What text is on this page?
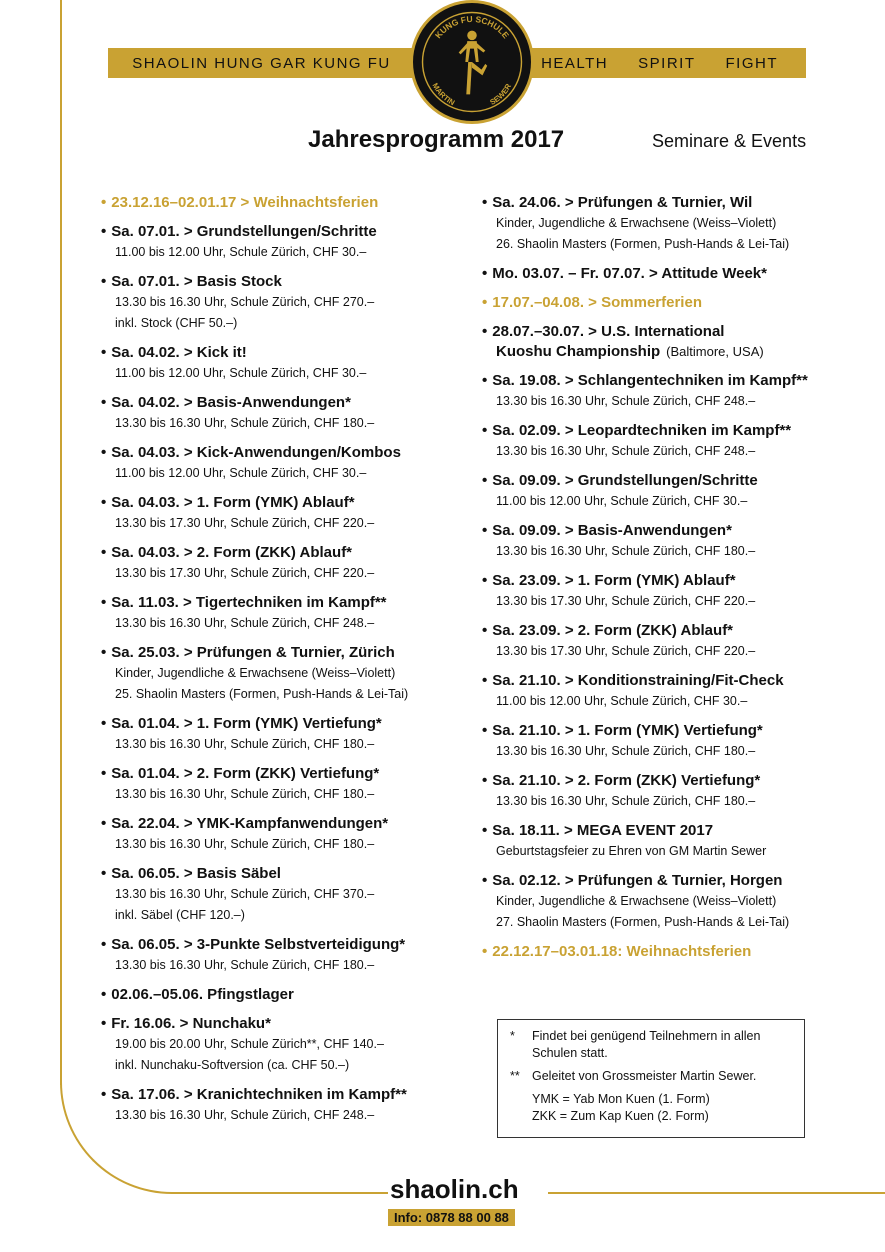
SHAOLIN HUNG GAR KUNG FU	HEALTH SPIRIT FIGHT
KUNG FU SCHULE
MARTIN	SEWER
Jahresprogramm 2017	Seminare & Events
• 23.12.16–02.01.17 > Weihnachtsferien
• Sa. 07.01. > Grundstellungen/Schritte
11.00 bis 12.00 Uhr, Schule Zürich, CHF 30.–
• Sa. 07.01. > Basis Stock
13.30 bis 16.30 Uhr, Schule Zürich, CHF 270.–
inkl. Stock (CHF 50.–)
• Sa. 04.02. > Kick it!
11.00 bis 12.00 Uhr, Schule Zürich, CHF 30.–
• Sa. 04.02. > Basis-Anwendungen*
13.30 bis 16.30 Uhr, Schule Zürich, CHF 180.–
• Sa. 04.03. > Kick-Anwendungen/Kombos
11.00 bis 12.00 Uhr, Schule Zürich, CHF 30.–
• Sa. 04.03. > 1. Form (YMK) Ablauf*
13.30 bis 17.30 Uhr, Schule Zürich, CHF 220.–
• Sa. 04.03. > 2. Form (ZKK) Ablauf*
13.30 bis 17.30 Uhr, Schule Zürich, CHF 220.–
• Sa. 11.03. > Tigertechniken im Kampf**
13.30 bis 16.30 Uhr, Schule Zürich, CHF 248.–
• Sa. 25.03. > Prüfungen & Turnier, Zürich
Kinder, Jugendliche & Erwachsene (Weiss–Violett)
25. Shaolin Masters (Formen, Push-Hands & Lei-Tai)
• Sa. 01.04. > 1. Form (YMK) Vertiefung*
13.30 bis 16.30 Uhr, Schule Zürich, CHF 180.–
• Sa. 01.04. > 2. Form (ZKK) Vertiefung*
13.30 bis 16.30 Uhr, Schule Zürich, CHF 180.–
• Sa. 22.04. > YMK-Kampfanwendungen*
13.30 bis 16.30 Uhr, Schule Zürich, CHF 180.–
• Sa. 06.05. > Basis Säbel
13.30 bis 16.30 Uhr, Schule Zürich, CHF 370.–
inkl. Säbel (CHF 120.–)
• Sa. 06.05. > 3-Punkte Selbstverteidigung*
13.30 bis 16.30 Uhr, Schule Zürich, CHF 180.–
• 02.06.–05.06. Pfingstlager
• Fr. 16.06. > Nunchaku*
19.00 bis 20.00 Uhr, Schule Zürich**, CHF 140.–
inkl. Nunchaku-Softversion (ca. CHF 50.–)
• Sa. 17.06. > Kranichtechniken im Kampf**
13.30 bis 16.30 Uhr, Schule Zürich, CHF 248.–
• Sa. 24.06. > Prüfungen & Turnier, Wil
Kinder, Jugendliche & Erwachsene (Weiss–Violett)
26. Shaolin Masters (Formen, Push-Hands & Lei-Tai)
• Mo. 03.07. – Fr. 07.07. > Attitude Week*
• 17.07.–04.08. > Sommerferien
• 28.07.–30.07. > U.S. International
Kuoshu Championship (Baltimore, USA)
• Sa. 19.08. > Schlangentechniken im Kampf**
13.30 bis 16.30 Uhr, Schule Zürich, CHF 248.–
• Sa. 02.09. > Leopardtechniken im Kampf**
13.30 bis 16.30 Uhr, Schule Zürich, CHF 248.–
• Sa. 09.09. > Grundstellungen/Schritte
11.00 bis 12.00 Uhr, Schule Zürich, CHF 30.–
• Sa. 09.09. > Basis-Anwendungen*
13.30 bis 16.30 Uhr, Schule Zürich, CHF 180.–
• Sa. 23.09. > 1. Form (YMK) Ablauf*
13.30 bis 17.30 Uhr, Schule Zürich, CHF 220.–
• Sa. 23.09. > 2. Form (ZKK) Ablauf*
13.30 bis 17.30 Uhr, Schule Zürich, CHF 220.–
• Sa. 21.10. > Konditionstraining/Fit-Check
11.00 bis 12.00 Uhr, Schule Zürich, CHF 30.–
• Sa. 21.10. > 1. Form (YMK) Vertiefung*
13.30 bis 16.30 Uhr, Schule Zürich, CHF 180.–
• Sa. 21.10. > 2. Form (ZKK) Vertiefung*
13.30 bis 16.30 Uhr, Schule Zürich, CHF 180.–
• Sa. 18.11. > MEGA EVENT 2017
Geburtstagsfeier zu Ehren von GM Martin Sewer
• Sa. 02.12. > Prüfungen & Turnier, Horgen
Kinder, Jugendliche & Erwachsene (Weiss–Violett)
27. Shaolin Masters (Formen, Push-Hands & Lei-Tai)
• 22.12.17–03.01.18: Weihnachtsferien
*	Findet bei genügend Teilnehmern in allen
Schulen statt.
** Geleitet von Grossmeister Martin Sewer.
YMK = Yab Mon Kuen (1. Form)
ZKK = Zum Kap Kuen (2. Form)
shaolin.ch
Info: 0878 88 00 88
